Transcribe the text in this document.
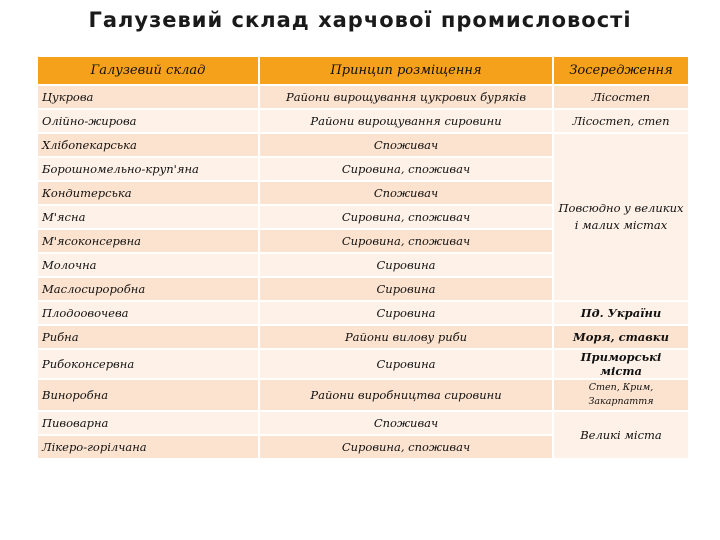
Галузевий склад харчової промисловості
Галузевий склад	Принцип розміщення	Зосередження
Цукрова	Райони вирощування цукрових буряків	Лісостеп
Олійно-жирова	Райони вирощування сировини	Лісостеп, степ
Хлібопекарська	Споживач	Повсюдно у великих і малих містах
Борошномельно-круп'яна	Сировина, споживач	
Кондитерська	Споживач	
М'ясна	Сировина, споживач	
М'ясоконсервна	Сировина, споживач	
Молочна	Сировина	
Маслосироробна	Сировина	
Плодоовочева	Сировина	Пд. України
Рибна	Райони вилову риби	Моря, ставки
Рибоконсервна	Сировина	Приморські міста
Виноробна	Райони виробництва сировини	Степ, Крим, Закарпаття
Пивоварна	Споживач	Великі міста
Лікеро-горілчана	Сировина, споживач	
